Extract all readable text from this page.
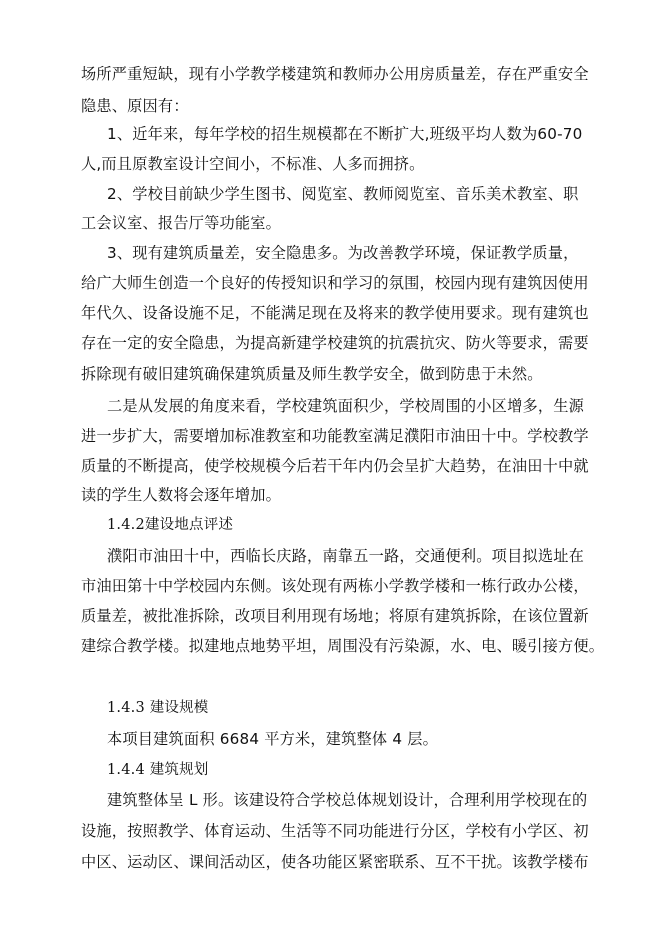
场所严重短缺，现有小学教学楼建筑和教师办公用房质量差，存在严重安全
隐患、原因有：
1、近年来，每年学校的招生规模都在不断扩大,班级平均人数为60-70
人,而且原教室设计空间小，不标准、人多而拥挤。
2、学校目前缺少学生图书、阅览室、教师阅览室、音乐美术教室、职
工会议室、报告厅等功能室。
3、现有建筑质量差，安全隐患多。为改善教学环境，保证教学质量，
给广大师生创造一个良好的传授知识和学习的氛围，校园内现有建筑因使用
年代久、设备设施不足，不能满足现在及将来的教学使用要求。现有建筑也
存在一定的安全隐患，为提高新建学校建筑的抗震抗灾、防火等要求，需要
拆除现有破旧建筑确保建筑质量及师生教学安全，做到防患于未然。
二是从发展的角度来看，学校建筑面积少，学校周围的小区增多，生源
进一步扩大，需要增加标准教室和功能教室满足濮阳市油田十中。学校教学
质量的不断提高，使学校规模今后若干年内仍会呈扩大趋势，在油田十中就
读的学生人数将会逐年增加。
1.4.2建设地点评述
濮阳市油田十中，西临长庆路，南靠五一路，交通便利。项目拟选址在
市油田第十中学校园内东侧。该处现有两栋小学教学楼和一栋行政办公楼，
质量差，被批准拆除，改项目利用现有场地；将原有建筑拆除，在该位置新
建综合教学楼。拟建地点地势平坦，周围没有污染源，水、电、暖引接方便。
1.4.3 建设规模
本项目建筑面积 6684 平方米，建筑整体 4 层。
1.4.4 建筑规划
建筑整体呈 L 形。该建设符合学校总体规划设计，合理利用学校现在的
设施，按照教学、体育运动、生活等不同功能进行分区，学校有小学区、初
中区、运动区、课间活动区，使各功能区紧密联系、互不干扰。该教学楼布
